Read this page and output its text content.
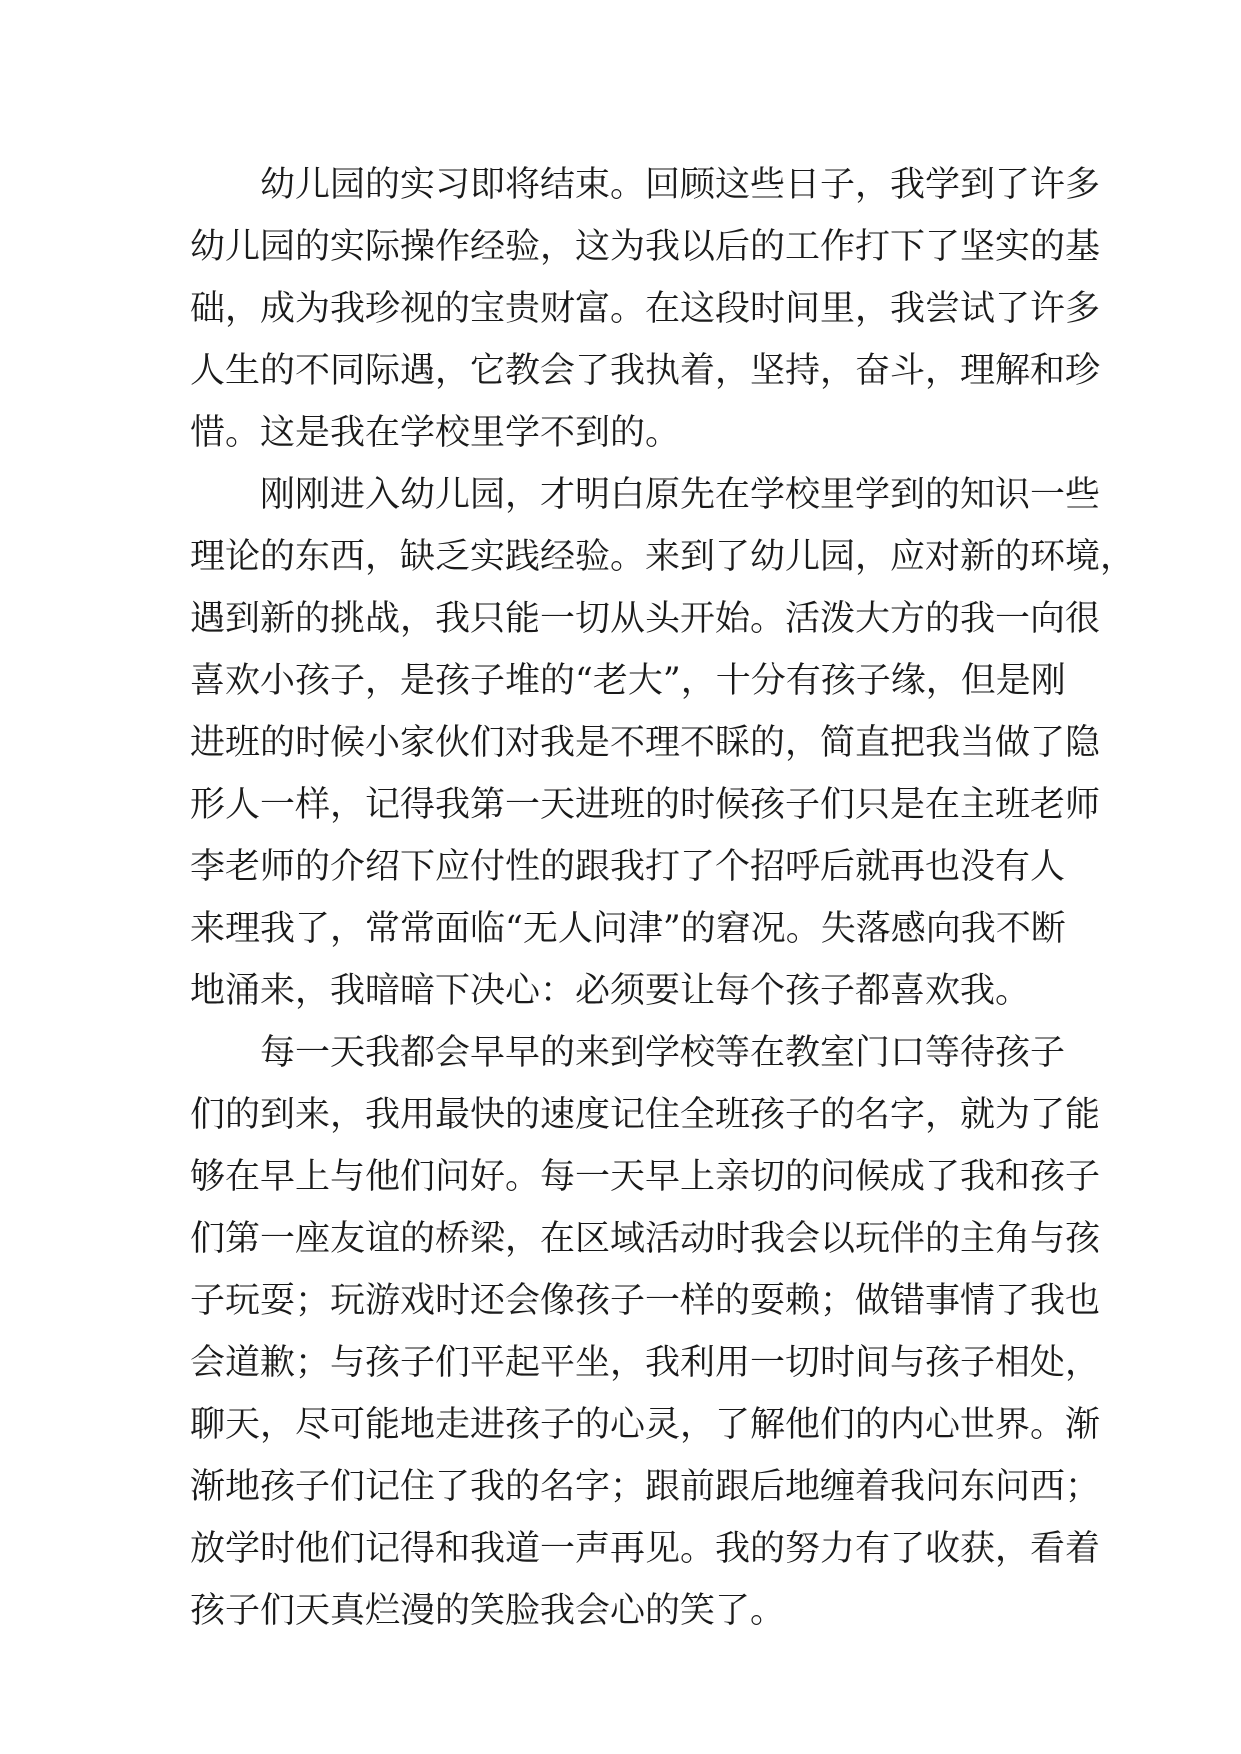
幼儿园的实习即将结束。回顾这些日子，我学到了许多
幼儿园的实际操作经验，这为我以后的工作打下了坚实的基
础，成为我珍视的宝贵财富。在这段时间里，我尝试了许多
人生的不同际遇，它教会了我执着，坚持，奋斗，理解和珍
惜。这是我在学校里学不到的。
刚刚进入幼儿园，才明白原先在学校里学到的知识一些
理论的东西，缺乏实践经验。来到了幼儿园，应对新的环境，
遇到新的挑战，我只能一切从头开始。活泼大方的我一向很
喜欢小孩子，是孩子堆的“老大”，十分有孩子缘，但是刚
进班的时候小家伙们对我是不理不睬的，简直把我当做了隐
形人一样，记得我第一天进班的时候孩子们只是在主班老师
李老师的介绍下应付性的跟我打了个招呼后就再也没有人
来理我了，常常面临“无人问津”的窘况。失落感向我不断
地涌来，我暗暗下决心：必须要让每个孩子都喜欢我。
每一天我都会早早的来到学校等在教室门口等待孩子
们的到来，我用最快的速度记住全班孩子的名字，就为了能
够在早上与他们问好。每一天早上亲切的问候成了我和孩子
们第一座友谊的桥梁，在区域活动时我会以玩伴的主角与孩
子玩耍；玩游戏时还会像孩子一样的耍赖；做错事情了我也
会道歉；与孩子们平起平坐，我利用一切时间与孩子相处，
聊天，尽可能地走进孩子的心灵，了解他们的内心世界。渐
渐地孩子们记住了我的名字；跟前跟后地缠着我问东问西；
放学时他们记得和我道一声再见。我的努力有了收获，看着
孩子们天真烂漫的笑脸我会心的笑了。
